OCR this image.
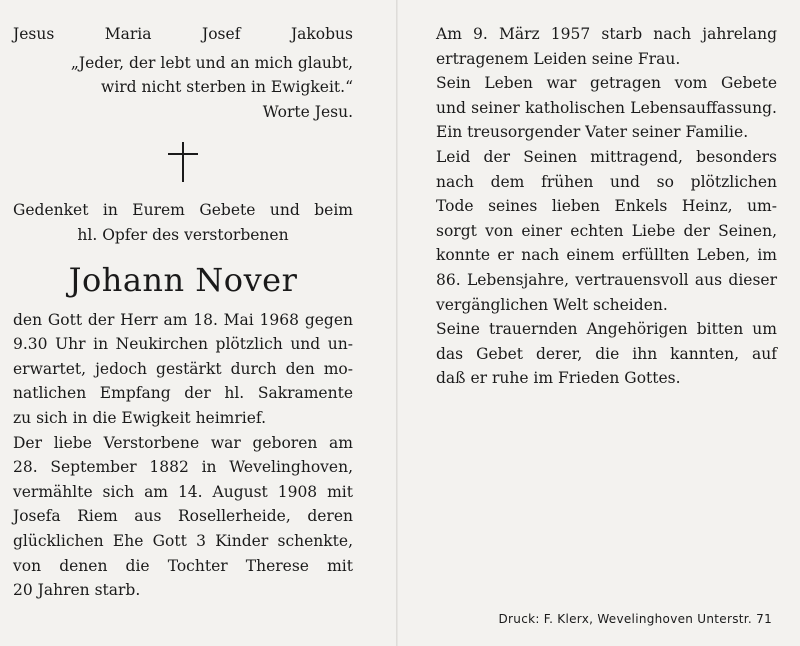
Jesus	Maria	Josef	Jakobus
„Jeder, der lebt und an mich glaubt,
wird nicht sterben in Ewigkeit.“
Worte Jesu.
Gedenket in Eurem Gebete und beim
hl. Opfer des verstorbenen
Johann Nover
den Gott der Herr am 18. Mai 1968 gegen
9.30 Uhr in Neukirchen plötzlich und un-
erwartet, jedoch gestärkt durch den mo-
natlichen Empfang der hl. Sakramente
zu sich in die Ewigkeit heimrief.
Der liebe Verstorbene war geboren am
28. September 1882 in Wevelinghoven,
vermählte sich am 14. August 1908 mit
Josefa Riem aus Rosellerheide, deren
glücklichen Ehe Gott 3 Kinder schenkte,
von denen die Tochter Therese mit
20 Jahren starb.
Am 9. März 1957 starb nach jahrelang
ertragenem Leiden seine Frau.
Sein Leben war getragen vom Gebete
und seiner katholischen Lebensauffassung.
Ein treusorgender Vater seiner Familie.
Leid der Seinen mittragend, besonders
nach dem frühen und so plötzlichen
Tode seines lieben Enkels Heinz, um-
sorgt von einer echten Liebe der Seinen,
konnte er nach einem erfüllten Leben, im
86. Lebensjahre, vertrauensvoll aus dieser
vergänglichen Welt scheiden.
Seine trauernden Angehörigen bitten um
das Gebet derer, die ihn kannten, auf
daß er ruhe im Frieden Gottes.
Druck: F. Klerx, Wevelinghoven Unterstr. 71
